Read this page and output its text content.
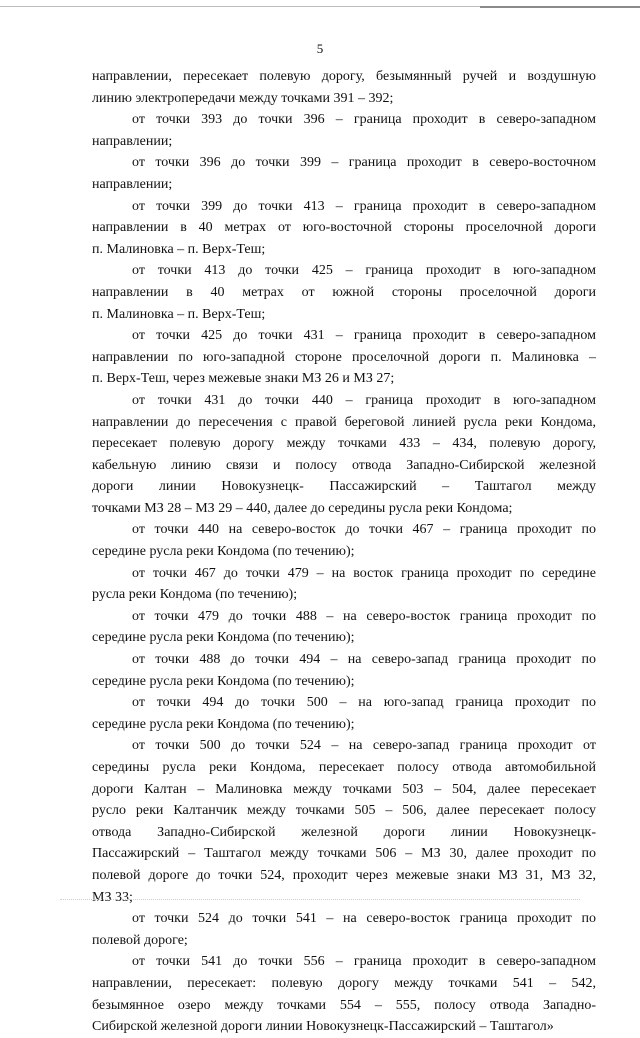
5
направлении, пересекает полевую дорогу, безымянный ручей и воздушную
линию электропередачи между точками 391 – 392;
от точки 393 до точки 396 – граница проходит в северо-западном
направлении;
от точки 396 до точки 399 – граница проходит в северо-восточном
направлении;
от точки 399 до точки 413 – граница проходит в северо-западном
направлении в 40 метрах от юго-восточной стороны проселочной дороги
п. Малиновка – п. Верх-Теш;
от точки 413 до точки 425 – граница проходит в юго-западном
направлении в 40 метрах от южной стороны проселочной дороги
п. Малиновка – п. Верх-Теш;
от точки 425 до точки 431 – граница проходит в северо-западном
направлении по юго-западной стороне проселочной дороги п. Малиновка –
п. Верх-Теш, через межевые знаки МЗ 26 и МЗ 27;
от точки 431 до точки 440 – граница проходит в юго-западном
направлении до пересечения с правой береговой линией русла реки Кондома,
пересекает полевую дорогу между точками 433 – 434, полевую дорогу,
кабельную линию связи и полосу отвода Западно-Сибирской железной
дороги линии Новокузнецк- Пассажирский – Таштагол между
точками МЗ 28 – МЗ 29 – 440, далее до середины русла реки Кондома;
от точки 440 на северо-восток до точки 467 – граница проходит по
середине русла реки Кондома (по течению);
от точки 467 до точки 479 – на восток граница проходит по середине
русла реки Кондома (по течению);
от точки 479 до точки 488 – на северо-восток граница проходит по
середине русла реки Кондома (по течению);
от точки 488 до точки 494 – на северо-запад граница проходит по
середине русла реки Кондома (по течению);
от точки 494 до точки 500 – на юго-запад граница проходит по
середине русла реки Кондома (по течению);
от точки 500 до точки 524 – на северо-запад граница проходит от
середины русла реки Кондома, пересекает полосу отвода автомобильной
дороги Калтан – Малиновка между точками 503 – 504, далее пересекает
русло реки Калтанчик между точками 505 – 506, далее пересекает полосу
отвода Западно-Сибирской железной дороги линии Новокузнецк-
Пассажирский – Таштагол между точками 506 – МЗ 30, далее проходит по
полевой дороге до точки 524, проходит через межевые знаки МЗ 31, МЗ 32,
МЗ 33;
от точки 524 до точки 541 – на северо-восток граница проходит по
полевой дороге;
от точки 541 до точки 556 – граница проходит в северо-западном
направлении, пересекает: полевую дорогу между точками 541 – 542,
безымянное озеро между точками 554 – 555, полосу отвода Западно-
Сибирской железной дороги линии Новокузнецк-Пассажирский – Таштагол»
